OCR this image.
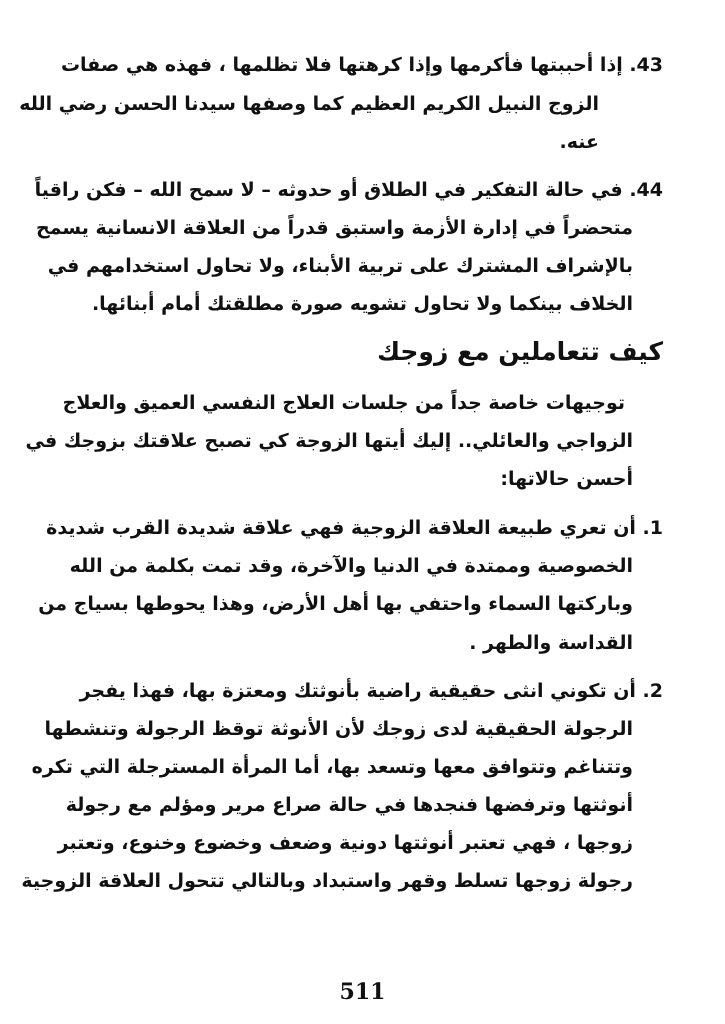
43. إذا أحببتها فأكرمها وإذا كرهتها فلا تظلمها ، فهذه هي صفات
الزوج النبيل الكريم العظيم كما وصفها سيدنا الحسن رضي الله
عنه.
44. في حالة التفكير في الطلاق أو حدوثه – لا سمح الله – فكن راقياً
متحضراً في إدارة الأزمة واستبق قدراً من العلاقة الانسانية يسمح
بالإشراف المشترك على تربية الأبناء، ولا تحاول استخدامهم في
الخلاف بينكما ولا تحاول تشويه صورة مطلقتك أمام أبنائها.
كيف تتعاملين مع زوجك
توجيهات خاصة جداً من جلسات العلاج النفسي العميق والعلاج
الزواجي والعائلي.. إليك أيتها الزوجة كي تصبح علاقتك بزوجك في
أحسن حالاتها:
1. أن تعري طبيعة العلاقة الزوجية فهي علاقة شديدة القرب شديدة
الخصوصية وممتدة في الدنيا والآخرة، وقد تمت بكلمة من الله
وباركتها السماء واحتفي بها أهل الأرض، وهذا يحوطها بسياج من
القداسة والطهر .
2. أن تكوني انثى حقيقية راضية بأنوثتك ومعتزة بها، فهذا يفجر
الرجولة الحقيقية لدى زوجك لأن الأنوثة توقظ الرجولة وتنشطها
وتتناغم وتتوافق معها وتسعد بها، أما المرأة المسترجلة التي تكره
أنوثتها وترفضها فنجدها في حالة صراع مرير ومؤلم مع رجولة
زوجها ، فهي تعتبر أنوثتها دونية وضعف وخضوع وخنوع، وتعتبر
رجولة زوجها تسلط وقهر واستبداد وبالتالي تتحول العلاقة الزوجية
511
